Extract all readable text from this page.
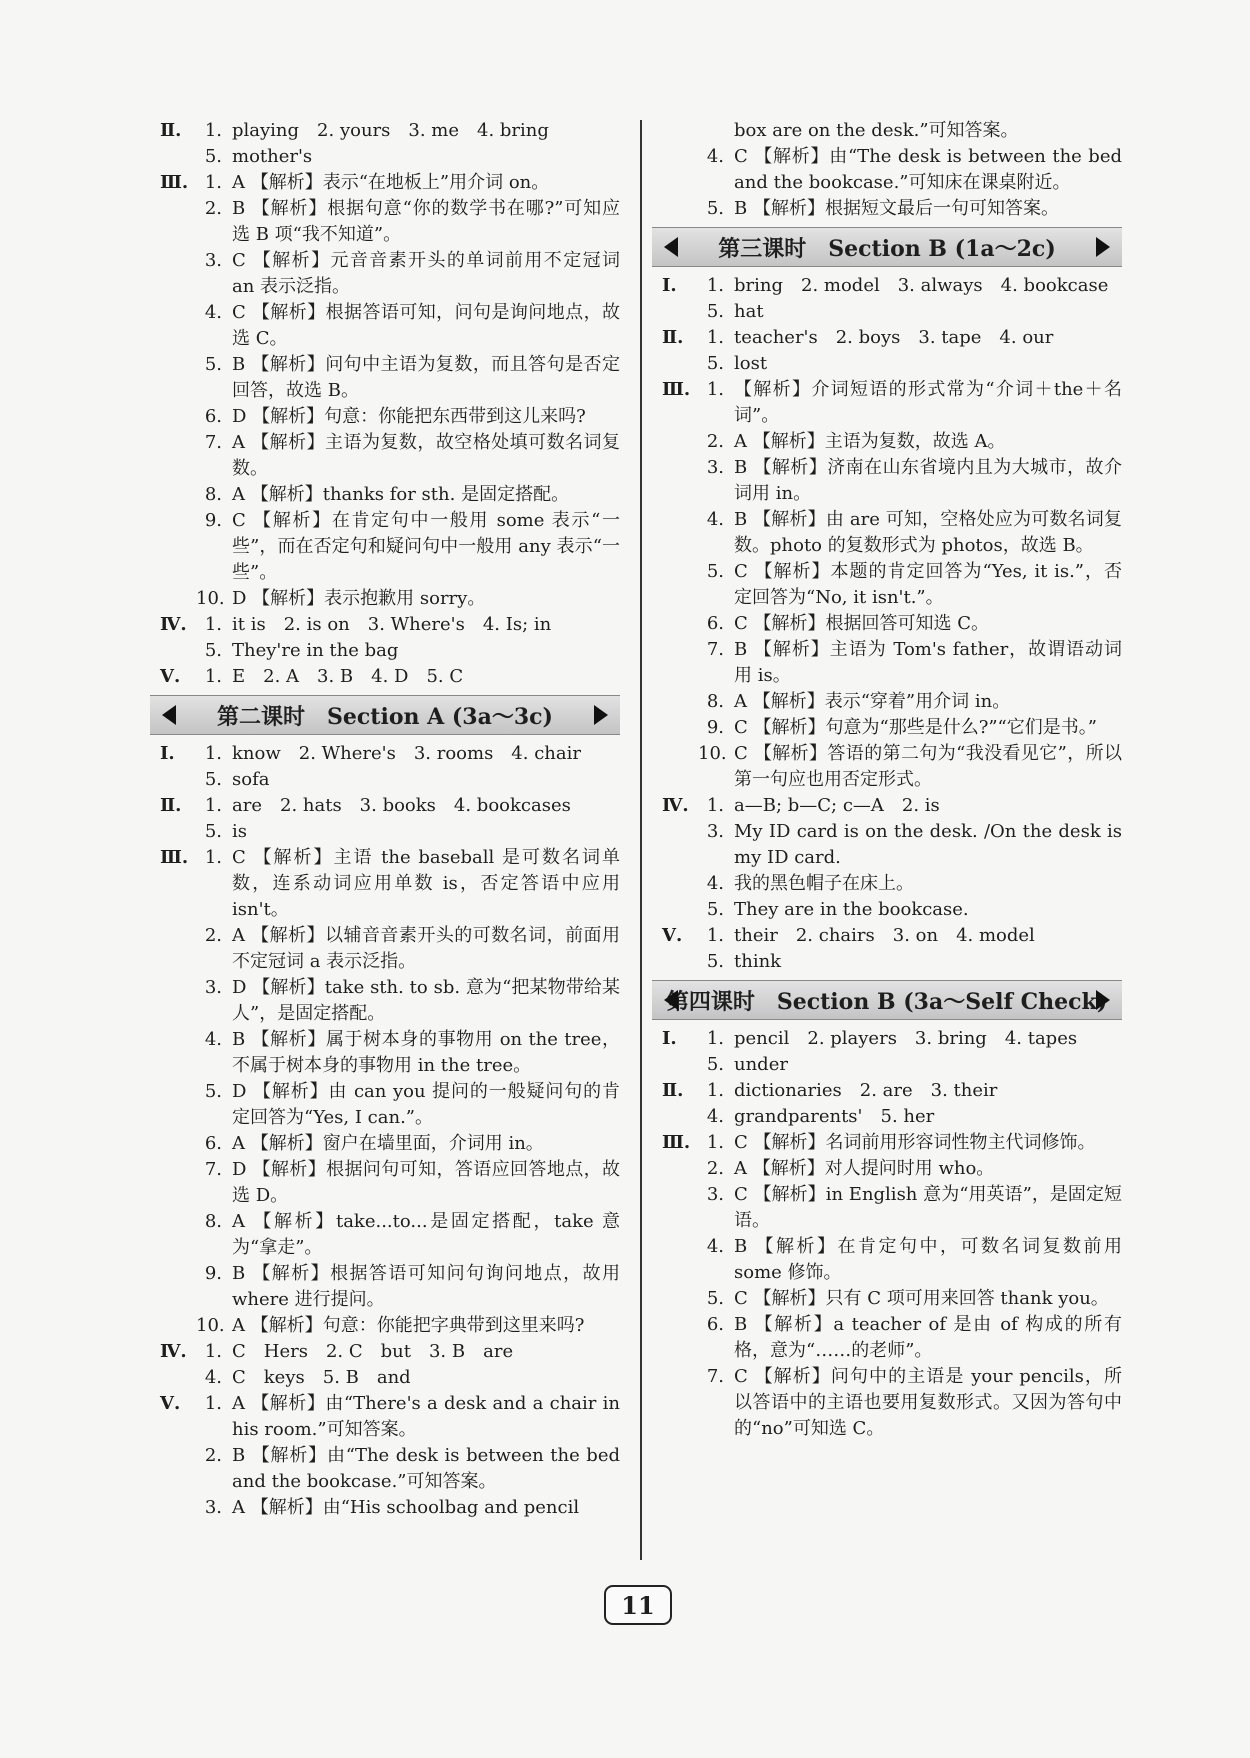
Ⅱ.	1. playing　2. yours　3. me　4. bring
5. mother's
Ⅲ. 1. A 【解析】表示“在地板上”用介词 on。
2. B 【解析】根据句意“你的数学书在哪?”可知应选 B 项“我不知道”。
3. C 【解析】元音音素开头的单词前用不定冠词 an 表示泛指。
4. C 【解析】根据答语可知，问句是询问地点，故选 C。
5. B 【解析】问句中主语为复数，而且答句是否定回答，故选 B。
6. D 【解析】句意：你能把东西带到这儿来吗?
7. A 【解析】主语为复数，故空格处填可数名词复数。
8. A 【解析】thanks for sth. 是固定搭配。
9. C 【解析】在肯定句中一般用 some 表示“一些”，而在否定句和疑问句中一般用 any 表示“一些”。
10. D 【解析】表示抱歉用 sorry。
Ⅳ.	1. it is　2. is on　3. Where's　4. Is; in
5. They're in the bag
Ⅴ.	1. E　2. A　3. B　4. D　5. C
第二课时　Section A (3a～3c)
Ⅰ.	1. know　2. Where's　3. rooms　4. chair
5. sofa
Ⅱ.	1. are　2. hats　3. books　4. bookcases
5. is
Ⅲ. 1. C 【解析】主语 the baseball 是可数名词单数，连系动词应用单数 is，否定答语中应用 isn't。
2. A 【解析】以辅音音素开头的可数名词，前面用不定冠词 a 表示泛指。
3. D 【解析】take sth. to sb. 意为“把某物带给某人”，是固定搭配。
4. B 【解析】属于树本身的事物用 on the tree，不属于树本身的事物用 in the tree。
5. D 【解析】由 can you 提问的一般疑问句的肯定回答为“Yes, I can.”。
6. A 【解析】窗户在墙里面，介词用 in。
7. D 【解析】根据问句可知，答语应回答地点，故选 D。
8. A 【解析】take...to...是固定搭配，take 意为“拿走”。
9. B 【解析】根据答语可知问句询问地点，故用 where 进行提问。
10. A 【解析】句意：你能把字典带到这里来吗?
Ⅳ.	1. C　Hers　2. C　but　3. B　are
4. C　keys　5. B　and
Ⅴ.	1. A 【解析】由“There's a desk and a chair in his room.”可知答案。
2. B 【解析】由“The desk is between the bed and the bookcase.”可知答案。
3. A 【解析】由“His schoolbag and pencil
box are on the desk.”可知答案。
4. C 【解析】由“The desk is between the bed and the bookcase.”可知床在课桌附近。
5. B 【解析】根据短文最后一句可知答案。
第三课时　Section B (1a～2c)
Ⅰ.	1. bring　2. model　3. always　4. bookcase
5. hat
Ⅱ.	1. teacher's　2. boys　3. tape　4. our
5. lost
Ⅲ. 1. 【解析】介词短语的形式常为“介词＋the＋名词”。
2. A 【解析】主语为复数，故选 A。
3. B 【解析】济南在山东省境内且为大城市，故介词用 in。
4. B 【解析】由 are 可知，空格处应为可数名词复数。photo 的复数形式为 photos，故选 B。
5. C 【解析】本题的肯定回答为“Yes, it is.”，否定回答为“No, it isn't.”。
6. C 【解析】根据回答可知选 C。
7. B 【解析】主语为 Tom's father，故谓语动词用 is。
8. A 【解析】表示“穿着”用介词 in。
9. C 【解析】句意为“那些是什么?”“它们是书。”
10. C 【解析】答语的第二句为“我没看见它”，所以第一句应也用否定形式。
Ⅳ.	1. a—B; b—C; c—A　2. is
3. My ID card is on the desk. /On the desk is my ID card.
4. 我的黑色帽子在床上。
5. They are in the bookcase.
Ⅴ.	1. their　2. chairs　3. on　4. model
5. think
第四课时　Section B (3a～Self Check)
Ⅰ.	1. pencil　2. players　3. bring　4. tapes
5. under
Ⅱ.	1. dictionaries　2. are　3. their
4. grandparents'　5. her
Ⅲ. 1. C 【解析】名词前用形容词性物主代词修饰。
2. A 【解析】对人提问时用 who。
3. C 【解析】in English 意为“用英语”，是固定短语。
4. B 【解析】在肯定句中，可数名词复数前用 some 修饰。
5. C 【解析】只有 C 项可用来回答 thank you。
6. B 【解析】a teacher of 是由 of 构成的所有格，意为“……的老师”。
7. C 【解析】问句中的主语是 your pencils，所以答语中的主语也要用复数形式。又因为答句中的“no”可知选 C。
11
